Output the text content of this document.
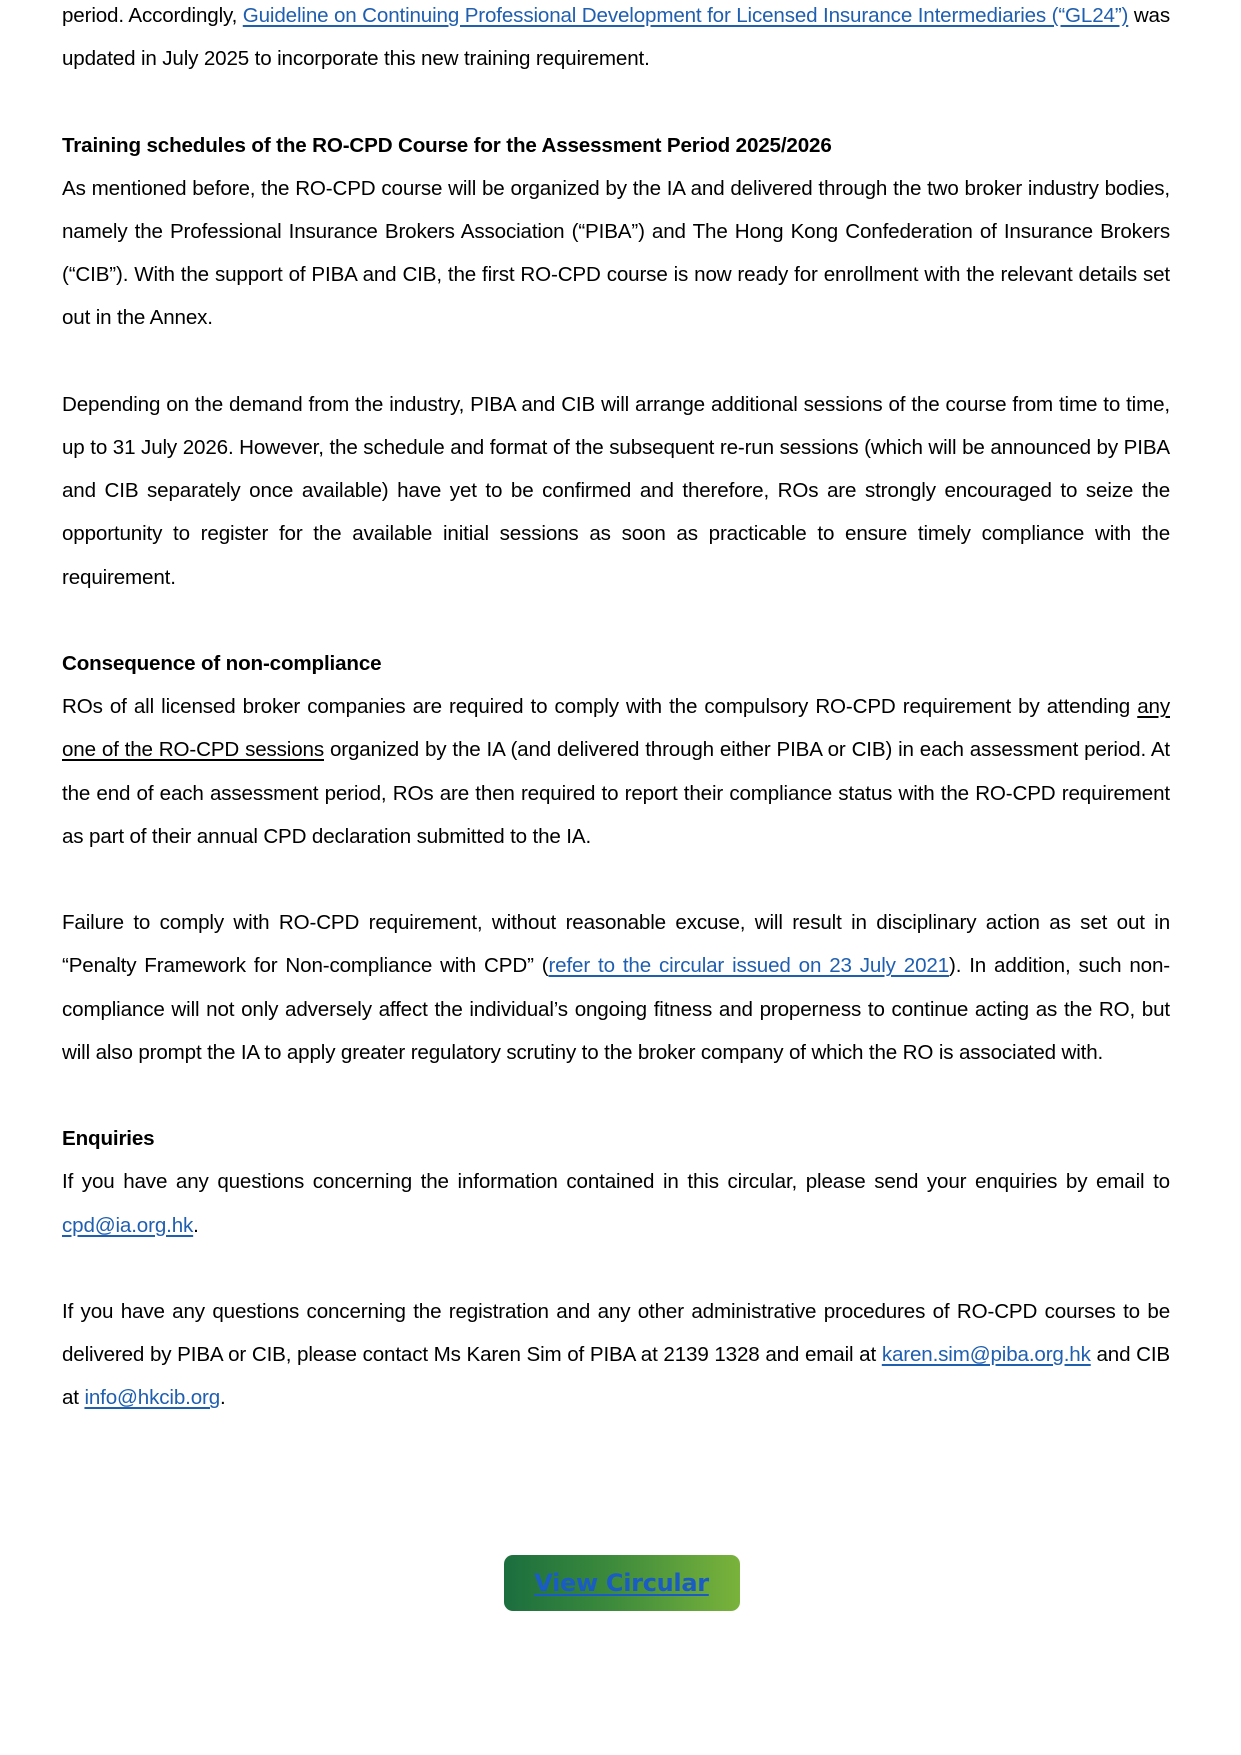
period. Accordingly, Guideline on Continuing Professional Development for Licensed Insurance Intermediaries (“GL24”) was updated in July 2025 to incorporate this new training requirement.

Training schedules of the RO-CPD Course for the Assessment Period 2025/2026

As mentioned before, the RO-CPD course will be organized by the IA and delivered through the two broker industry bodies, namely the Professional Insurance Brokers Association (“PIBA”) and The Hong Kong Confederation of Insurance Brokers (“CIB”). With the support of PIBA and CIB, the first RO-CPD course is now ready for enrollment with the relevant details set out in the Annex.

Depending on the demand from the industry, PIBA and CIB will arrange additional sessions of the course from time to time, up to 31 July 2026. However, the schedule and format of the subsequent re-run sessions (which will be announced by PIBA and CIB separately once available) have yet to be confirmed and therefore, ROs are strongly encouraged to seize the opportunity to register for the available initial sessions as soon as practicable to ensure timely compliance with the requirement.

Consequence of non-compliance

ROs of all licensed broker companies are required to comply with the compulsory RO-CPD requirement by attending any one of the RO-CPD sessions organized by the IA (and delivered through either PIBA or CIB) in each assessment period. At the end of each assessment period, ROs are then required to report their compliance status with the RO-CPD requirement as part of their annual CPD declaration submitted to the IA.

Failure to comply with RO-CPD requirement, without reasonable excuse, will result in disciplinary action as set out in “Penalty Framework for Non-compliance with CPD” (refer to the circular issued on 23 July 2021). In addition, such non-compliance will not only adversely affect the individual’s ongoing fitness and properness to continue acting as the RO, but will also prompt the IA to apply greater regulatory scrutiny to the broker company of which the RO is associated with.

Enquiries

If you have any questions concerning the information contained in this circular, please send your enquiries by email to cpd@ia.org.hk.

If you have any questions concerning the registration and any other administrative procedures of RO-CPD courses to be delivered by PIBA or CIB, please contact Ms Karen Sim of PIBA at 2139 1328 and email at karen.sim@piba.org.hk and CIB at info@hkcib.org.

View Circular
